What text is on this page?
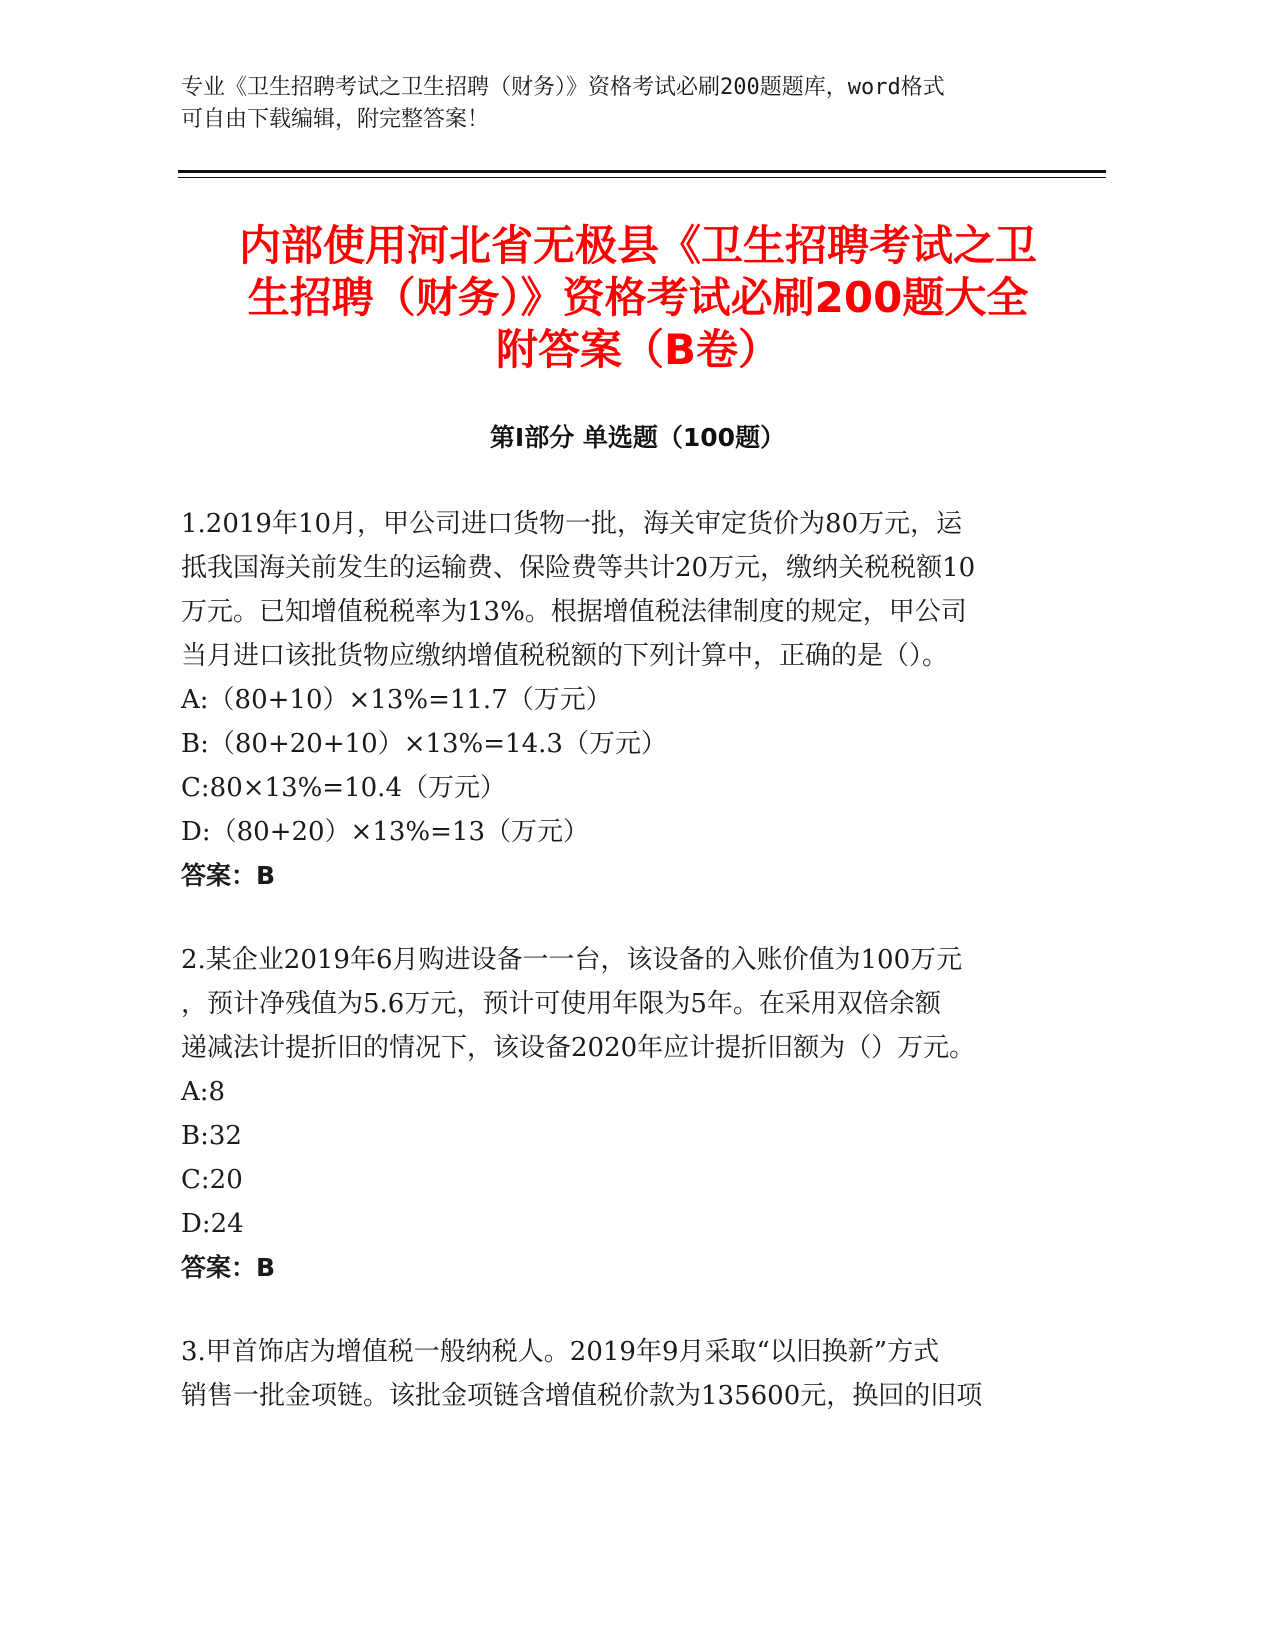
专业《卫生招聘考试之卫生招聘（财务）》资格考试必刷200题题库，word格式
可自由下载编辑，附完整答案！
内部使用河北省无极县《卫生招聘考试之卫
生招聘（财务）》资格考试必刷200题大全
附答案（B卷）
第I部分 单选题（100题）
1.2019年10月，甲公司进口货物一批，海关审定货价为80万元，运
抵我国海关前发生的运输费、保险费等共计20万元，缴纳关税税额10
万元。已知增值税税率为13%。根据增值税法律制度的规定，甲公司
当月进口该批货物应缴纳增值税税额的下列计算中，正确的是（）。
A:（80+10）×13%=11.7（万元）
B:（80+20+10）×13%=14.3（万元）
C:80×13%=10.4（万元）
D:（80+20）×13%=13（万元）
答案：B
2.某企业2019年6月购进设备一一台，该设备的入账价值为100万元
，预计净残值为5.6万元，预计可使用年限为5年。在采用双倍余额
递减法计提折旧的情况下，该设备2020年应计提折旧额为（）万元。
A:8
B:32
C:20
D:24
答案：B
3.甲首饰店为增值税一般纳税人。2019年9月采取“以旧换新”方式
销售一批金项链。该批金项链含增值税价款为135600元，换回的旧项
